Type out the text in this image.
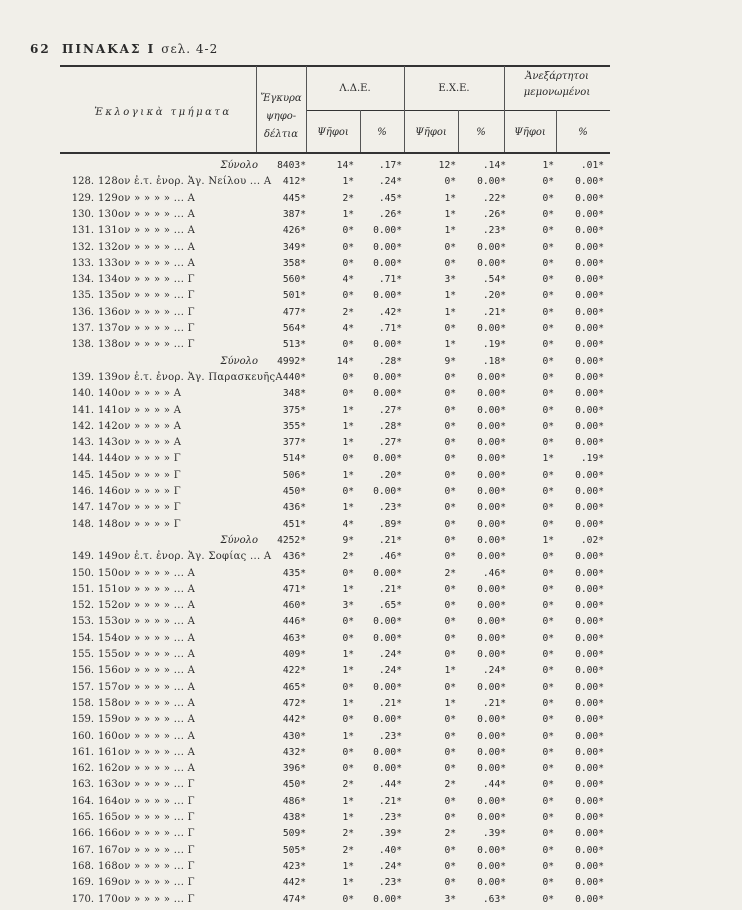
62 ΠΙΝΑΚΑΣ Ι σελ. 4-2
Ἐκλογικὰ τμήματα
Ἔγκυρα
ψηφο-
δέλτια
Λ.Δ.Ε.	Ε.Χ.Ε.
Ἀνεξάρτητοι
μεμονωμένοι
Ψῆφοι	%	Ψῆφοι	%	Ψῆφοι	%
Σύνολο	8403*	14*	.17*	12*	.14*	1*	.01*
128. 128ον ἐ.τ. ἐνορ. Ἁγ. Νείλου ... Α	412*	1*	.24*	0*	0.00*	0*	0.00*
129. 129ον » » » » ... Α	445*	2*	.45*	1*	.22*	0*	0.00*
130. 130ον » » » » ... Α	387*	1*	.26*	1*	.26*	0*	0.00*
131. 131ον » » » » ... Α	426*	0*	0.00*	1*	.23*	0*	0.00*
132. 132ον » » » » ... Α	349*	0*	0.00*	0*	0.00*	0*	0.00*
133. 133ον » » » » ... Α	358*	0*	0.00*	0*	0.00*	0*	0.00*
134. 134ον » » » » ... Γ	560*	4*	.71*	3*	.54*	0*	0.00*
135. 135ον » » » » ... Γ	501*	0*	0.00*	1*	.20*	0*	0.00*
136. 136ον » » » » ... Γ	477*	2*	.42*	1*	.21*	0*	0.00*
137. 137ον » » » » ... Γ	564*	4*	.71*	0*	0.00*	0*	0.00*
138. 138ον » » » » ... Γ	513*	0*	0.00*	1*	.19*	0*	0.00*
Σύνολο	4992*	14*	.28*	9*	.18*	0*	0.00*
139. 139ον ἐ.τ. ἐνορ. Ἁγ. ΠαρασκευῆςΑ 440*	0*	0.00*	0*	0.00*	0*	0.00*
140. 140ον » » » » Α	348*	0*	0.00*	0*	0.00*	0*	0.00*
141. 141ον » » » » Α	375*	1*	.27*	0*	0.00*	0*	0.00*
142. 142ον » » » » Α	355*	1*	.28*	0*	0.00*	0*	0.00*
143. 143ον » » » » Α	377*	1*	.27*	0*	0.00*	0*	0.00*
144. 144ον » » » » Γ	514*	0*	0.00*	0*	0.00*	1*	.19*
145. 145ον » » » » Γ	506*	1*	.20*	0*	0.00*	0*	0.00*
146. 146ον » » » » Γ	450*	0*	0.00*	0*	0.00*	0*	0.00*
147. 147ον » » » » Γ	436*	1*	.23*	0*	0.00*	0*	0.00*
148. 148ον » » » » Γ	451*	4*	.89*	0*	0.00*	0*	0.00*
Σύνολο	4252*	9*	.21*	0*	0.00*	1*	.02*
149. 149ον ἐ.τ. ἐνορ. Ἁγ. Σοφίας ... Α	436*	2*	.46*	0*	0.00*	0*	0.00*
150. 150ον » » » » ... Α	435*	0*	0.00*	2*	.46*	0*	0.00*
151. 151ον » » » » ... Α	471*	1*	.21*	0*	0.00*	0*	0.00*
152. 152ον » » » » ... Α	460*	3*	.65*	0*	0.00*	0*	0.00*
153. 153ον » » » » ... Α	446*	0*	0.00*	0*	0.00*	0*	0.00*
154. 154ον » » » » ... Α	463*	0*	0.00*	0*	0.00*	0*	0.00*
155. 155ον » » » » ... Α	409*	1*	.24*	0*	0.00*	0*	0.00*
156. 156ον » » » » ... Α	422*	1*	.24*	1*	.24*	0*	0.00*
157. 157ον » » » » ... Α	465*	0*	0.00*	0*	0.00*	0*	0.00*
158. 158ον » » » » ... Α	472*	1*	.21*	1*	.21*	0*	0.00*
159. 159ον » » » » ... Α	442*	0*	0.00*	0*	0.00*	0*	0.00*
160. 160ον » » » » ... Α	430*	1*	.23*	0*	0.00*	0*	0.00*
161. 161ον » » » » ... Α	432*	0*	0.00*	0*	0.00*	0*	0.00*
162. 162ον » » » » ... Α	396*	0*	0.00*	0*	0.00*	0*	0.00*
163. 163ον » » » » ... Γ	450*	2*	.44*	2*	.44*	0*	0.00*
164. 164ον » » » » ... Γ	486*	1*	.21*	0*	0.00*	0*	0.00*
165. 165ον » » » » ... Γ	438*	1*	.23*	0*	0.00*	0*	0.00*
166. 166ον » » » » ... Γ	509*	2*	.39*	2*	.39*	0*	0.00*
167. 167ον » » » » ... Γ	505*	2*	.40*	0*	0.00*	0*	0.00*
168. 168ον » » » » ... Γ	423*	1*	.24*	0*	0.00*	0*	0.00*
169. 169ον » » » » ... Γ	442*	1*	.23*	0*	0.00*	0*	0.00*
170. 170ον » » » » ... Γ	474*	0*	0.00*	3*	.63*	0*	0.00*
